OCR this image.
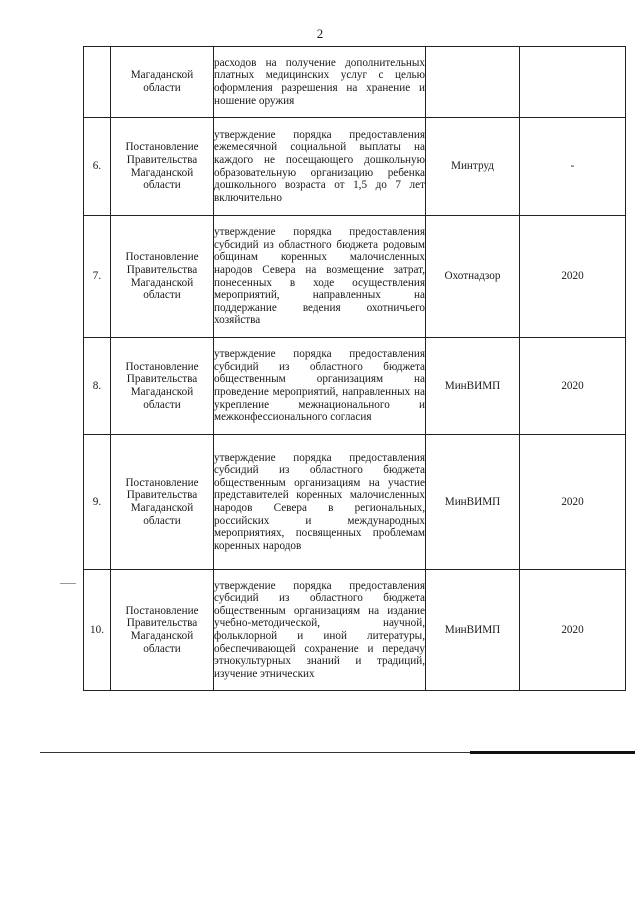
2
	Магаданской области	расходов на получение дополнительных платных медицинских услуг с целью оформления разрешения на хранение и ношение оружия		

6.	Постановление Правительства Магаданской области	утверждение порядка предоставления ежемесячной социальной выплаты на каждого не посещающего дошкольную образовательную организацию ребенка дошкольного возраста от 1,5 до 7 лет включительно	Минтруд	-
7.	Постановление Правительства Магаданской области	утверждение порядка предоставления субсидий из областного бюджета родовым общинам коренных малочисленных народов Севера на возмещение затрат, понесенных в ходе осуществления мероприятий, направленных на поддержание ведения охотничьего хозяйства	Охотнадзор	2020
8.	Постановление Правительства Магаданской области	утверждение порядка предоставления субсидий из областного бюджета общественным организациям на проведение мероприятий, направленных на укрепление межнационального и межконфессионального согласия	МинВИМП	2020
9.	Постановление Правительства Магаданской области	утверждение порядка предоставления субсидий из областного бюджета общественным организациям на участие представителей коренных малочисленных народов Севера в региональных, российских и международных мероприятиях, посвященных проблемам коренных народов	МинВИМП	2020
10.	Постановление Правительства Магаданской области	утверждение порядка предоставления субсидий из областного бюджета общественным организациям на издание учебно-методической, научной, фольклорной и иной литературы, обеспечивающей сохранение и передачу этнокультурных знаний и традиций, изучение этнических	МинВИМП	2020
